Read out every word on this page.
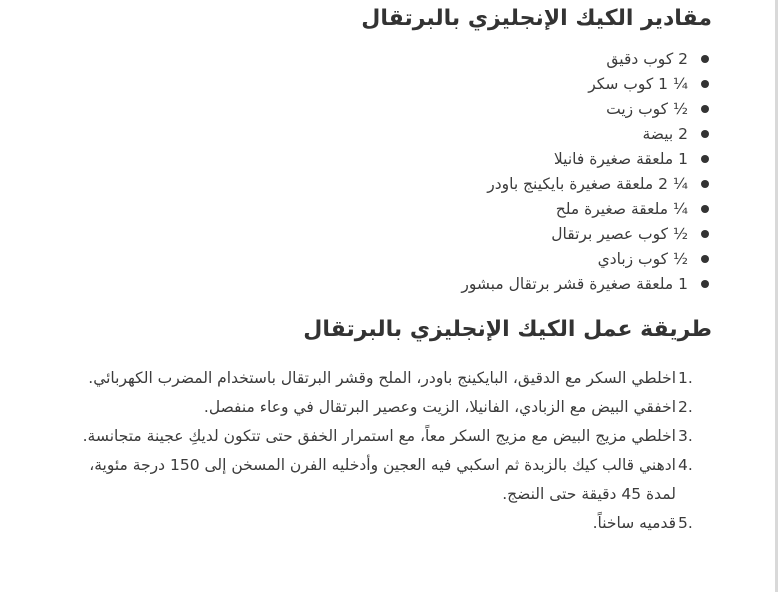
مقادير الكيك الإنجليزي بالبرتقال
2 كوب دقيق
¼ 1 كوب سكر
½ كوب زيت
2 بيضة
1 ملعقة صغيرة فانيلا
¼ 2 ملعقة صغيرة بايكينج باودر
¼ ملعقة صغيرة ملح
½ كوب عصير برتقال
½ كوب زبادي
1 ملعقة صغيرة قشر برتقال مبشور
طريقة عمل الكيك الإنجليزي بالبرتقال
1.
اخلطي السكر مع الدقيق، البايكينج باودر، الملح وقشر البرتقال باستخدام المضرب الكهربائي.
2.
اخفقي البيض مع الزبادي، الفانيلا، الزيت وعصير البرتقال في وعاء منفصل.
3.
اخلطي مزيج البيض مع مزيج السكر معاً، مع استمرار الخفق حتى تتكون لديكِ عجينة متجانسة.
4.
ادهني قالب كيك بالزبدة ثم اسكبي فيه العجين وأدخليه الفرن المسخن إلى 150 درجة مئوية، لمدة 45 دقيقة حتى النضج.
5.
قدميه ساخناً.
